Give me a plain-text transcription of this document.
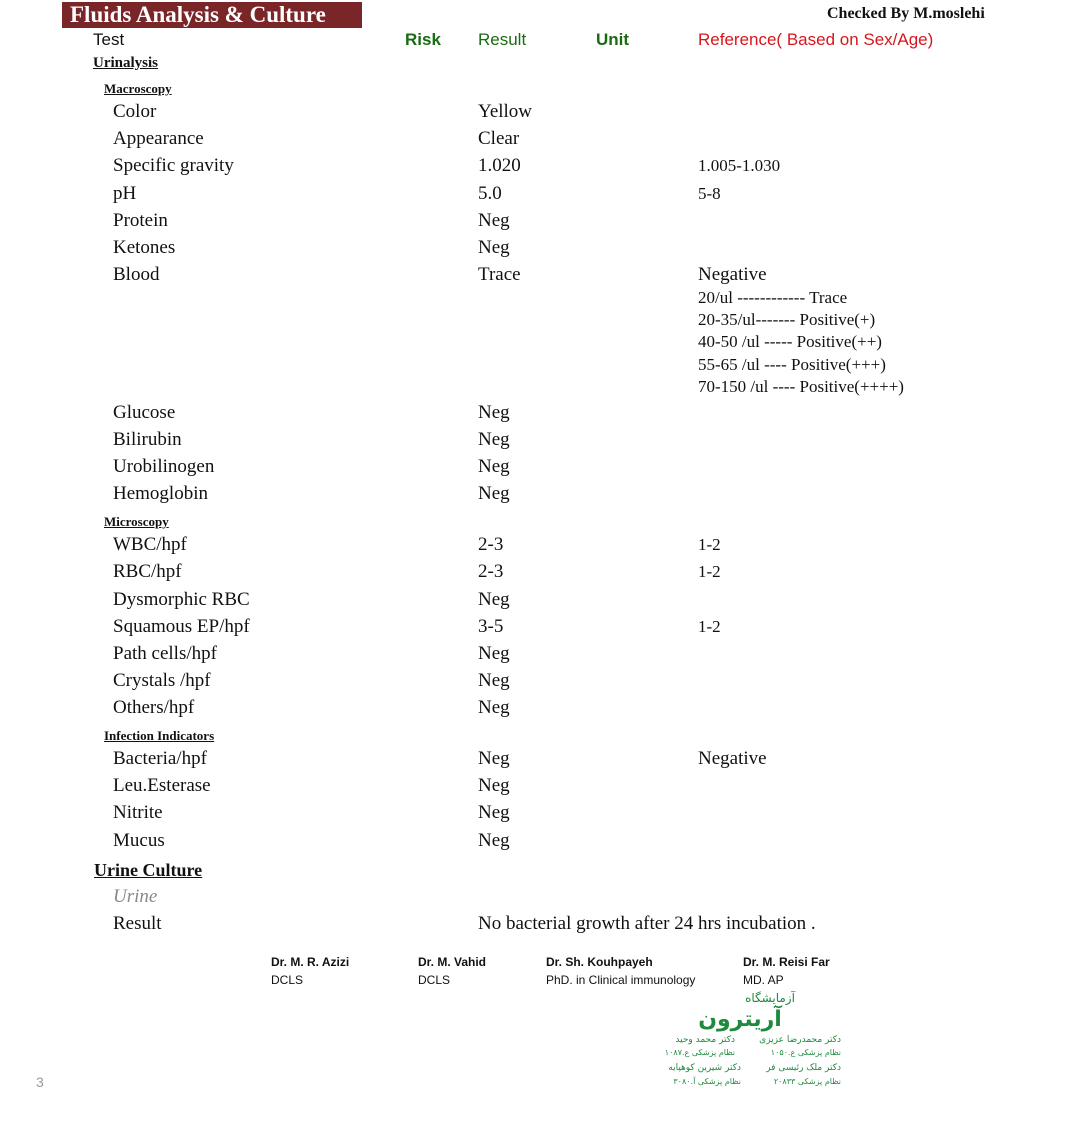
Fluids Analysis & Culture	Checked By M.moslehi
Test	Risk Result	Unit	Reference( Based on Sex/Age)
Urinalysis
Macroscopy
Color	Yellow
Appearance	Clear
Specific gravity	1.020	1.005-1.030
pH	5.0	5-8
Protein	Neg
Ketones	Neg
Blood	Trace	Negative
20/ul ------------ Trace
20-35/ul------- Positive(+)
40-50 /ul ----- Positive(++)
55-65 /ul ---- Positive(+++)
70-150 /ul ---- Positive(++++)
Glucose	Neg
Bilirubin	Neg
Urobilinogen	Neg
Hemoglobin	Neg
Microscopy
WBC/hpf	2-3	1-2
RBC/hpf	2-3	1-2
Dysmorphic RBC	Neg
Squamous EP/hpf	3-5	1-2
Path cells/hpf	Neg
Crystals /hpf	Neg
Others/hpf	Neg
Infection Indicators
Bacteria/hpf	Neg	Negative
Leu.Esterase	Neg
Nitrite	Neg
Mucus	Neg
Urine Culture
Urine
Result	No bacterial growth after 24 hrs incubation .
Dr. M. R. Azizi
DCLS
Dr. M. Vahid
DCLS
Dr. Sh. Kouhpayeh
PhD. in Clinical immunology
Dr. M. Reisi Far
MD. AP
آزمایشگاه
آریترون
دکتر محمدرضا عزیزی
دکتر محمد وحید
نظام پزشکی ع.۱۰۵۰
نظام پزشکی ع.۱۰۸۷
دکتر ملک رئیسی فر
دکتر شیرین کوهپایه
نظام پزشکی ۲۰۸۳۳
نظام پزشکی آ.۳۰۸۰
3
